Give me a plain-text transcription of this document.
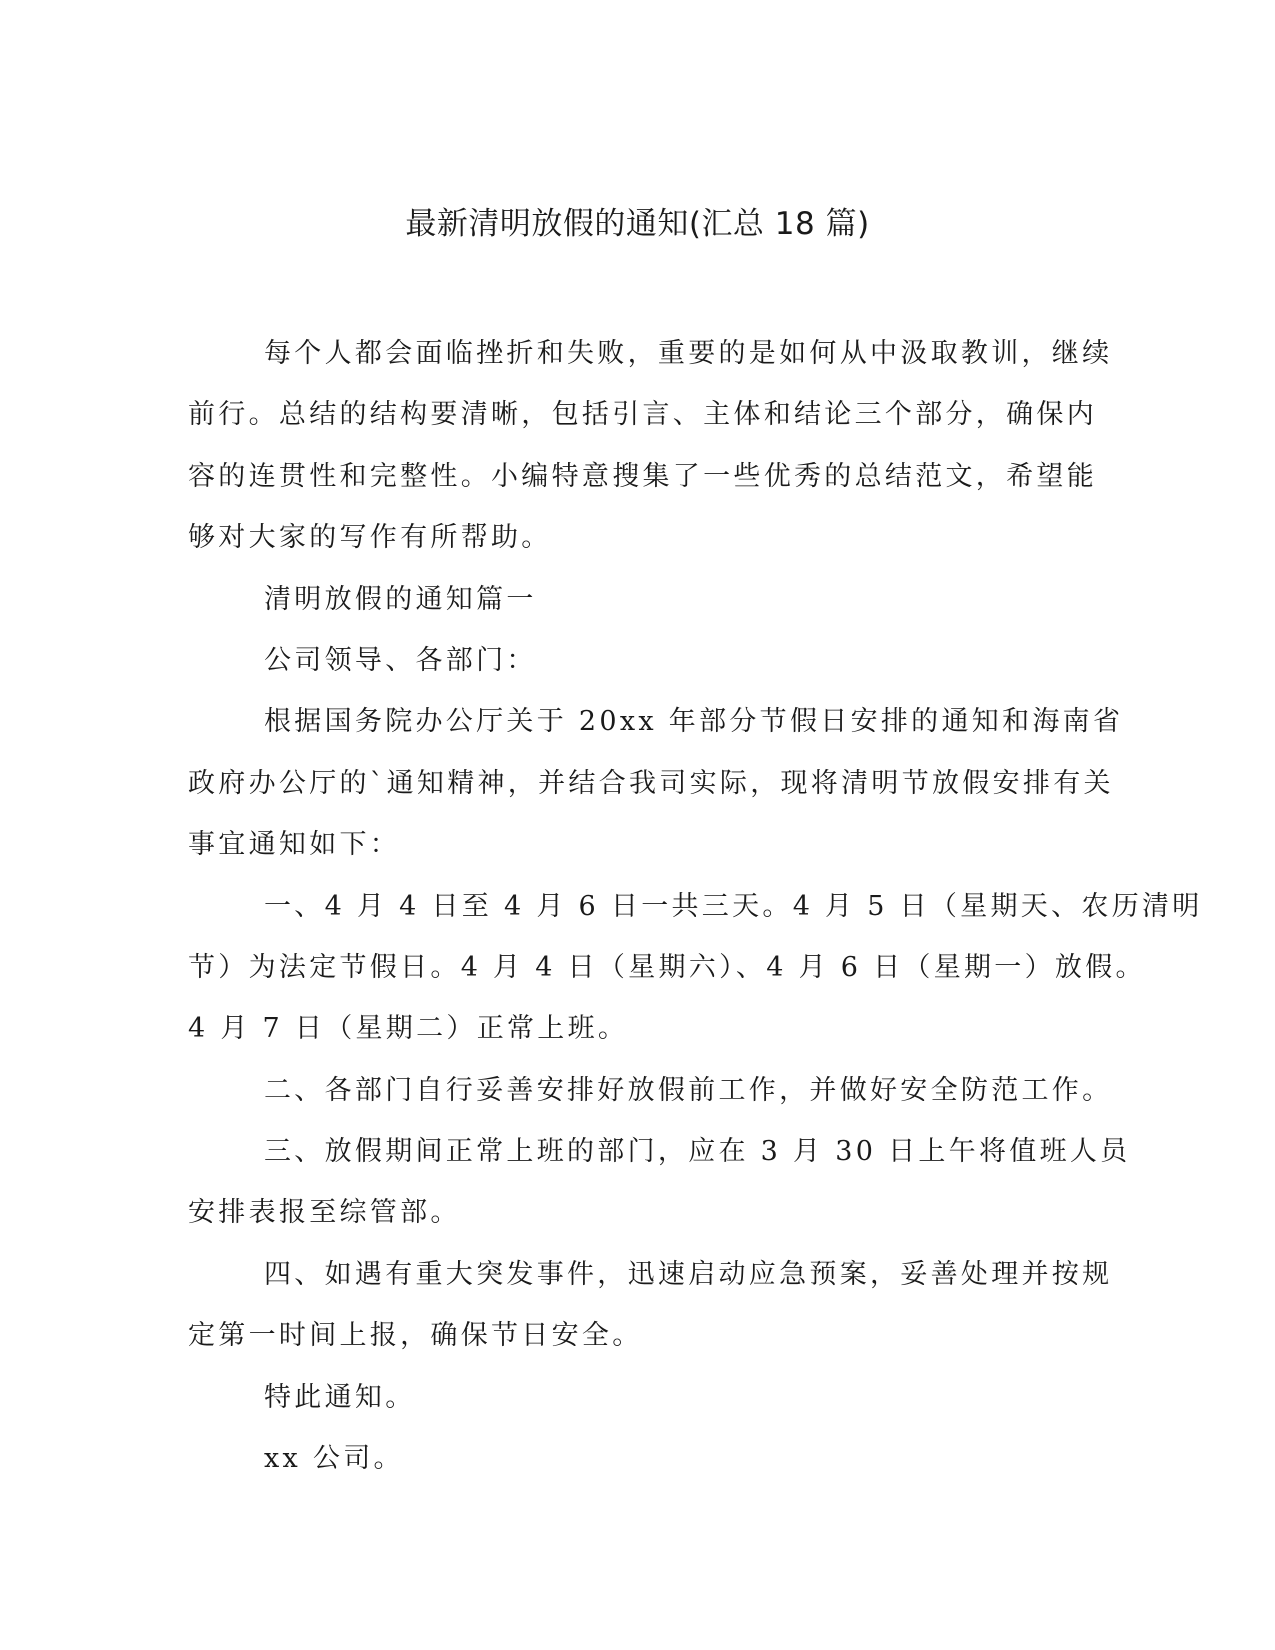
最新清明放假的通知(汇总 18 篇)
每个人都会面临挫折和失败，重要的是如何从中汲取教训，继续
前行。总结的结构要清晰，包括引言、主体和结论三个部分，确保内
容的连贯性和完整性。小编特意搜集了一些优秀的总结范文，希望能
够对大家的写作有所帮助。
清明放假的通知篇一
公司领导、各部门：
根据国务院办公厅关于 20xx 年部分节假日安排的通知和海南省
政府办公厅的`通知精神，并结合我司实际，现将清明节放假安排有关
事宜通知如下：
一、4 月 4 日至 4 月 6 日一共三天。4 月 5 日（星期天、农历清明
节）为法定节假日。4 月 4 日（星期六）、4 月 6 日（星期一）放假。
4 月 7 日（星期二）正常上班。
二、各部门自行妥善安排好放假前工作，并做好安全防范工作。
三、放假期间正常上班的部门，应在 3 月 30 日上午将值班人员
安排表报至综管部。
四、如遇有重大突发事件，迅速启动应急预案，妥善处理并按规
定第一时间上报，确保节日安全。
特此通知。
xx 公司。
